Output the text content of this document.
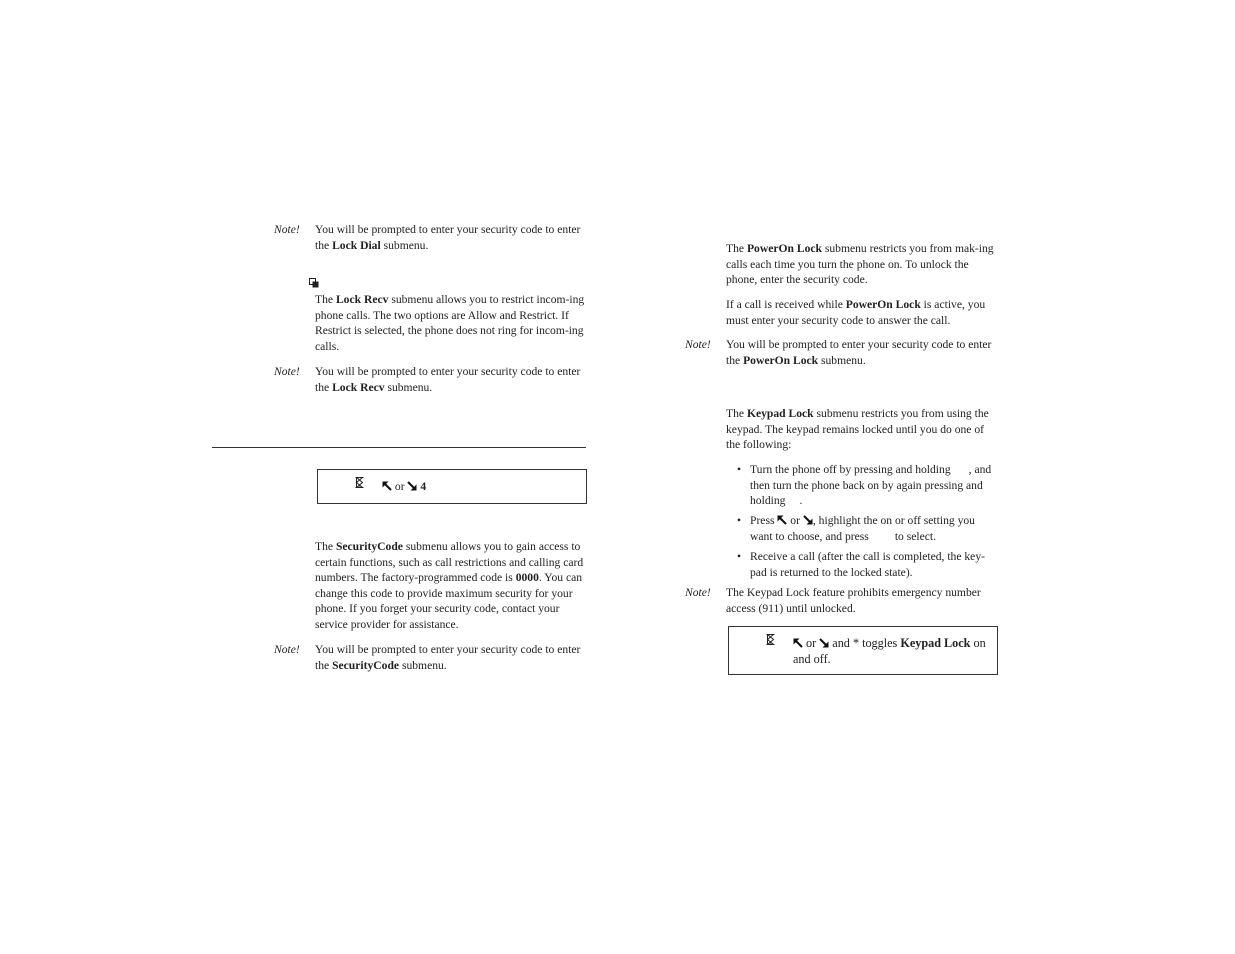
Note! You will be prompted to enter your security code to enter the Lock Dial submenu.

The Lock Recv submenu allows you to restrict incom-ing phone calls. The two options are Allow and Restrict. If Restrict is selected, the phone does not ring for incom-ing calls.

Note! You will be prompted to enter your security code to enter the Lock Recv submenu.

or 4

The SecurityCode submenu allows you to gain access to certain functions, such as call restrictions and calling card numbers. The factory-programmed code is 0000. You can change this code to provide maximum security for your phone. If you forget your security code, contact your service provider for assistance.

Note! You will be prompted to enter your security code to enter the SecurityCode submenu.

The PowerOn Lock submenu restricts you from mak-ing calls each time you turn the phone on. To unlock the phone, enter the security code.

If a call is received while PowerOn Lock is active, you must enter your security code to answer the call.

Note! You will be prompted to enter your security code to enter the PowerOn Lock submenu.

The Keypad Lock submenu restricts you from using the keypad. The keypad remains locked until you do one of the following:

• Turn the phone off by pressing and holding , and then turn the phone back on by again pressing and holding .
• Press or , highlight the on or off setting you want to choose, and press to select.
• Receive a call (after the call is completed, the key-pad is returned to the locked state).
Note! The Keypad Lock feature prohibits emergency number access (911) until unlocked.

or and * toggles Keypad Lock on and off.
